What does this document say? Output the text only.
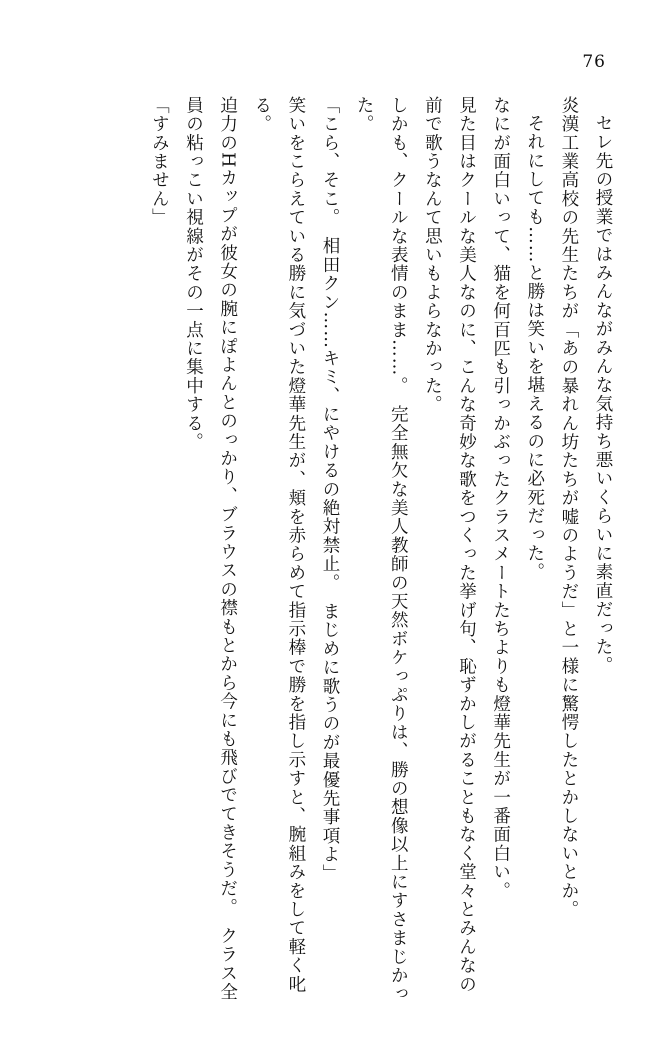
76

セレ先の授業ではみんながみんな気持ち悪いくらいに素直だった。

炎漢工業高校の先生たちが「あの暴れん坊たちが嘘のようだ」と一様に驚愕したとかしないとか。

それにしても……と勝は笑いを堪えるのに必死だった。

なにが面白いって、猫を何百匹も引っかぶったクラスメートたちよりも燈華先生が一番面白い。

見た目はクールな美人なのに、こんな奇妙な歌をつくった挙げ句、恥ずかしがることもなく堂々とみんなの前で歌うなんて思いもよらなかった。

しかも、クールな表情のまま……。　完全無欠な美人教師の天然ボケっぷりは、勝の想像以上にすさまじかった。

「こら、そこ。　相田クン……キミ、にやけるの絶対禁止。　まじめに歌うのが最優先事項よ」

笑いをこらえている勝に気づいた燈華先生が、頬を赤らめて指示棒で勝を指し示すと、腕組みをして軽く叱る。

迫力のHカップが彼女の腕にぽよんとのっかり、ブラウスの襟もとから今にも飛びでてきそうだ。　クラス全員の粘っこい視線がその一点に集中する。

「すみません」
